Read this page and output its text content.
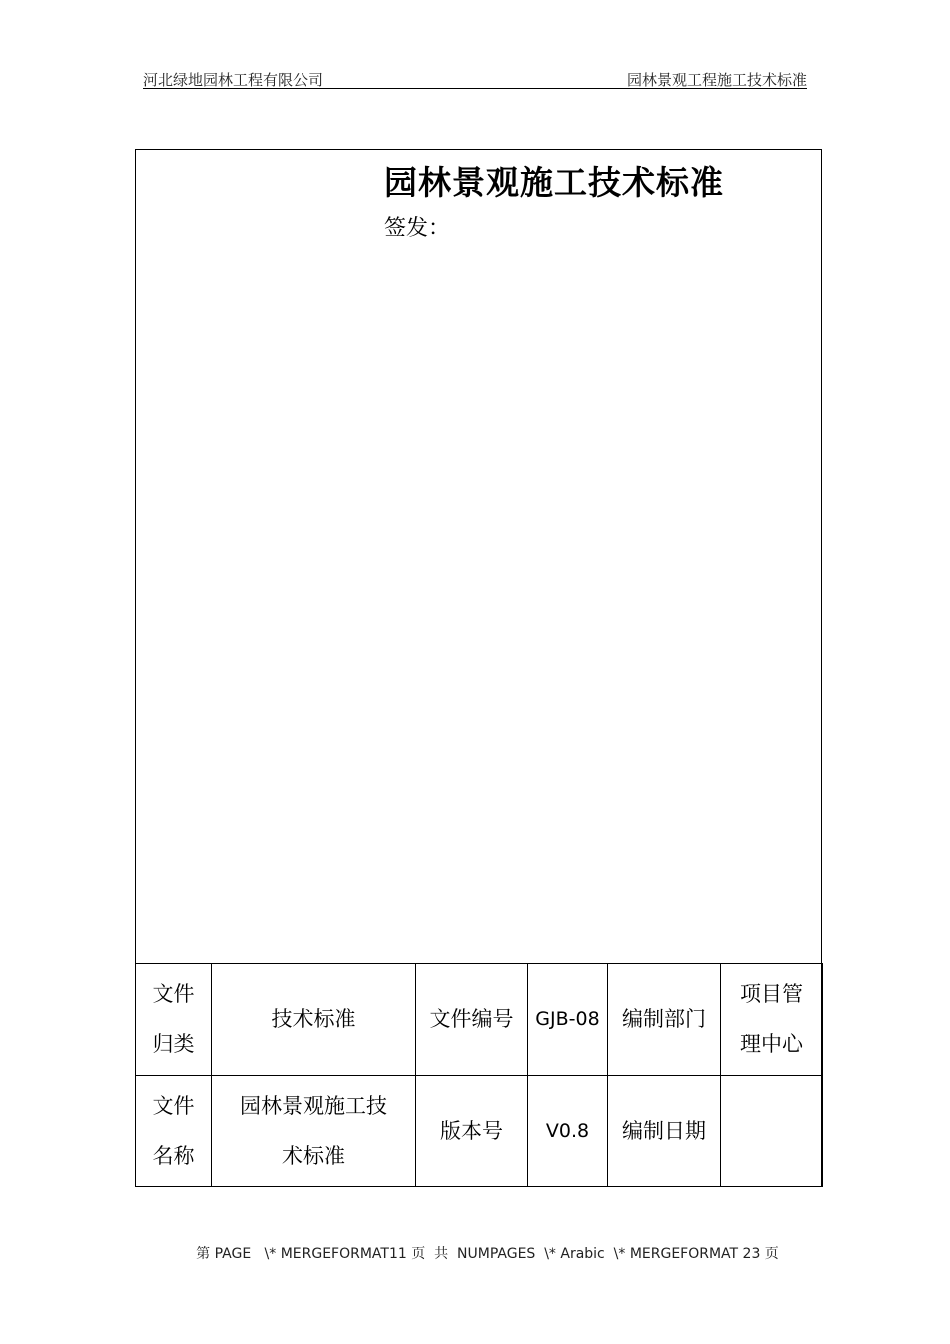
河北绿地园林工程有限公司	园林景观工程施工技术标准
园林景观施工技术标准
签发：
文件归类	技术标准	文件编号	GJB-08	编制部门	项目管理中心

文件名称	园林景观施工技术标准	版本号	V0.8	编制日期	
第 PAGE   \* MERGEFORMAT11 页  共  NUMPAGES  \* Arabic  \* MERGEFORMAT 23 页
